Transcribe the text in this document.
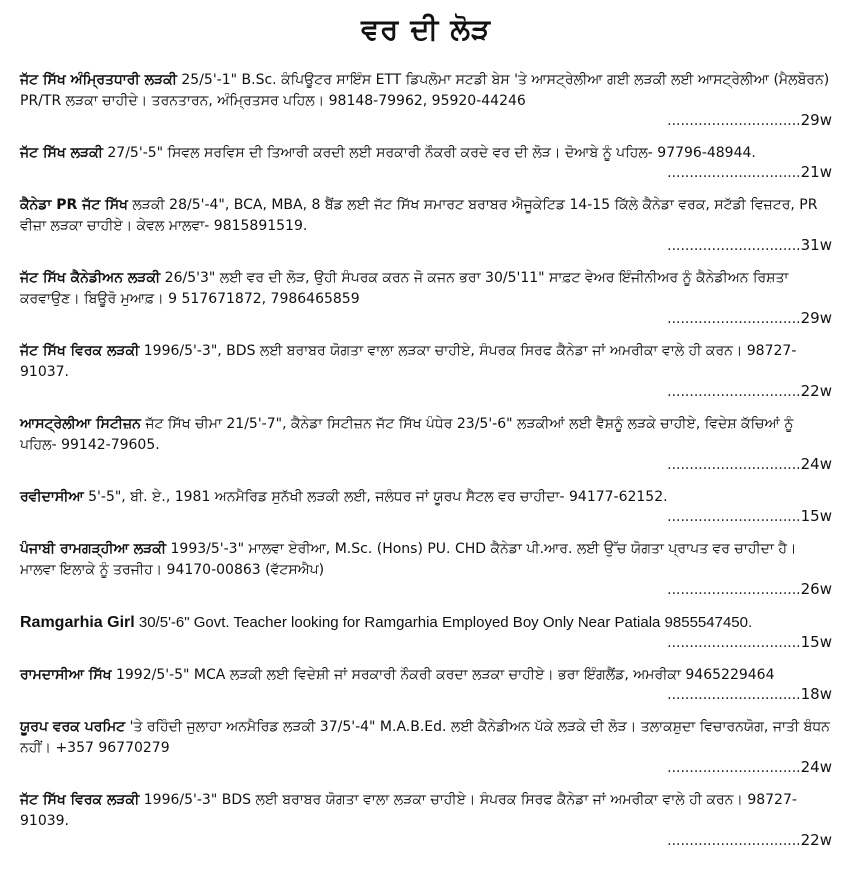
ਵਰ ਦੀ ਲੋੜ
ਜੱਟ ਸਿੱਖ ਅੰਮ੍ਰਿਤਧਾਰੀ ਲੜਕੀ 25/5'-1" B.Sc. ਕੰਪਿਊਟਰ ਸਾਇੰਸ ETT ਡਿਪਲੋਮਾ ਸਟਡੀ ਬੇਸ 'ਤੇ ਆਸਟ੍ਰੇਲੀਆ ਗਈ ਲੜਕੀ ਲਈ ਆਸਟ੍ਰੇਲੀਆ (ਮੈਲਬੋਰਨ) PR/TR ਲੜਕਾ ਚਾਹੀਦੇ। ਤਰਨਤਾਰਨ, ਅੰਮ੍ਰਿਤਸਰ ਪਹਿਲ। 98148-79962, 95920-44246
.............................. 29w
ਜੱਟ ਸਿੱਖ ਲੜਕੀ 27/5'-5" ਸਿਵਲ ਸਰਵਿਸ ਦੀ ਤਿਆਰੀ ਕਰਦੀ ਲਈ ਸਰਕਾਰੀ ਨੌਕਰੀ ਕਰਦੇ ਵਰ ਦੀ ਲੋੜ। ਦੋਆਬੇ ਨੂੰ ਪਹਿਲ- 97796-48944.
.............................. 21w
ਕੈਨੇਡਾ PR ਜੱਟ ਸਿੱਖ ਲੜਕੀ 28/5'-4", BCA, MBA, 8 ਬੈਂਡ ਲਈ ਜੱਟ ਸਿੱਖ ਸਮਾਰਟ ਬਰਾਬਰ ਐਜੂਕੇਟਿਡ 14-15 ਕਿੱਲੇ ਕੈਨੇਡਾ ਵਰਕ, ਸਟੱਡੀ ਵਿਜ਼ਟਰ, PR ਵੀਜ਼ਾ ਲੜਕਾ ਚਾਹੀਏ। ਕੇਵਲ ਮਾਲਵਾ- 9815891519.
.............................. 31w
ਜੱਟ ਸਿੱਖ ਕੈਨੇਡੀਅਨ ਲੜਕੀ 26/5'3" ਲਈ ਵਰ ਦੀ ਲੋੜ, ਉਹੀ ਸੰਪਰਕ ਕਰਨ ਜੋ ਕਜਨ ਭਰਾ 30/5'11" ਸਾਫ਼ਟ ਵੇਅਰ ਇੰਜੀਨੀਅਰ ਨੂੰ ਕੈਨੇਡੀਅਨ ਰਿਸ਼ਤਾ ਕਰਵਾਉਣ। ਬਿਊਰੋ ਮੁਆਫ਼। 9 517671872, 7986465859
.............................. 29w
ਜੱਟ ਸਿੱਖ ਵਿਰਕ ਲੜਕੀ 1996/5'-3", BDS ਲਈ ਬਰਾਬਰ ਯੋਗਤਾ ਵਾਲਾ ਲੜਕਾ ਚਾਹੀਏ, ਸੰਪਰਕ ਸਿਰਫ ਕੈਨੇਡਾ ਜਾਂ ਅਮਰੀਕਾ ਵਾਲੇ ਹੀ ਕਰਨ। 98727-91037.
.............................. 22w
ਆਸਟ੍ਰੇਲੀਆ ਸਿਟੀਜ਼ਨ ਜੱਟ ਸਿੱਖ ਚੀਮਾ 21/5'-7", ਕੈਨੇਡਾ ਸਿਟੀਜ਼ਨ ਜੱਟ ਸਿੱਖ ਪੰਧੇਰ 23/5'-6" ਲੜਕੀਆਂ ਲਈ ਵੈਸ਼ਨੂੰ ਲੜਕੇ ਚਾਹੀਏ, ਵਿਦੇਸ਼ ਕੱਚਿਆਂ ਨੂੰ ਪਹਿਲ- 99142-79605.
.............................. 24w
ਰਵੀਦਾਸੀਆ 5'-5", ਬੀ. ਏ., 1981 ਅਨਮੈਰਿਡ ਸੁਨੱਖੀ ਲੜਕੀ ਲਈ, ਜਲੰਧਰ ਜਾਂ ਯੂਰਪ ਸੈਟਲ ਵਰ ਚਾਹੀਦਾ- 94177-62152.
.............................. 15w
ਪੰਜਾਬੀ ਰਾਮਗੜ੍ਹੀਆ ਲੜਕੀ 1993/5'-3" ਮਾਲਵਾ ਏਰੀਆ, M.Sc. (Hons) PU. CHD ਕੈਨੇਡਾ ਪੀ.ਆਰ. ਲਈ ਉੱਚ ਯੋਗਤਾ ਪ੍ਰਾਪਤ ਵਰ ਚਾਹੀਦਾ ਹੈ। ਮਾਲਵਾ ਇਲਾਕੇ ਨੂੰ ਤਰਜੀਹ। 94170-00863 (ਵੱਟਸਐਪ)
.............................. 26w
Ramgarhia Girl 30/5'-6" Govt. Teacher looking for Ramgarhia Employed Boy Only Near Patiala 9855547450.
.............................. 15w
ਰਾਮਦਾਸੀਆ ਸਿੱਖ 1992/5'-5" MCA ਲੜਕੀ ਲਈ ਵਿਦੇਸ਼ੀ ਜਾਂ ਸਰਕਾਰੀ ਨੌਕਰੀ ਕਰਦਾ ਲੜਕਾ ਚਾਹੀਏ। ਭਰਾ ਇੰਗਲੈਂਡ, ਅਮਰੀਕਾ 9465229464
.............................. 18w
ਯੂਰਪ ਵਰਕ ਪਰਮਿਟ 'ਤੇ ਰਹਿੰਦੀ ਜੁਲਾਹਾ ਅਨਮੈਰਿਡ ਲੜਕੀ 37/5'-4" M.A.B.Ed. ਲਈ ਕੈਨੇਡੀਅਨ ਪੱਕੇ ਲੜਕੇ ਦੀ ਲੋੜ। ਤਲਾਕਸ਼ੁਦਾ ਵਿਚਾਰਨਯੋਗ, ਜਾਤੀ ਬੰਧਨ ਨਹੀਂ। +357 96770279
.............................. 24w
ਜੱਟ ਸਿੱਖ ਵਿਰਕ ਲੜਕੀ 1996/5'-3" BDS ਲਈ ਬਰਾਬਰ ਯੋਗਤਾ ਵਾਲਾ ਲੜਕਾ ਚਾਹੀਏ। ਸੰਪਰਕ ਸਿਰਫ ਕੈਨੇਡਾ ਜਾਂ ਅਮਰੀਕਾ ਵਾਲੇ ਹੀ ਕਰਨ। 98727-91039.
.............................. 22w
